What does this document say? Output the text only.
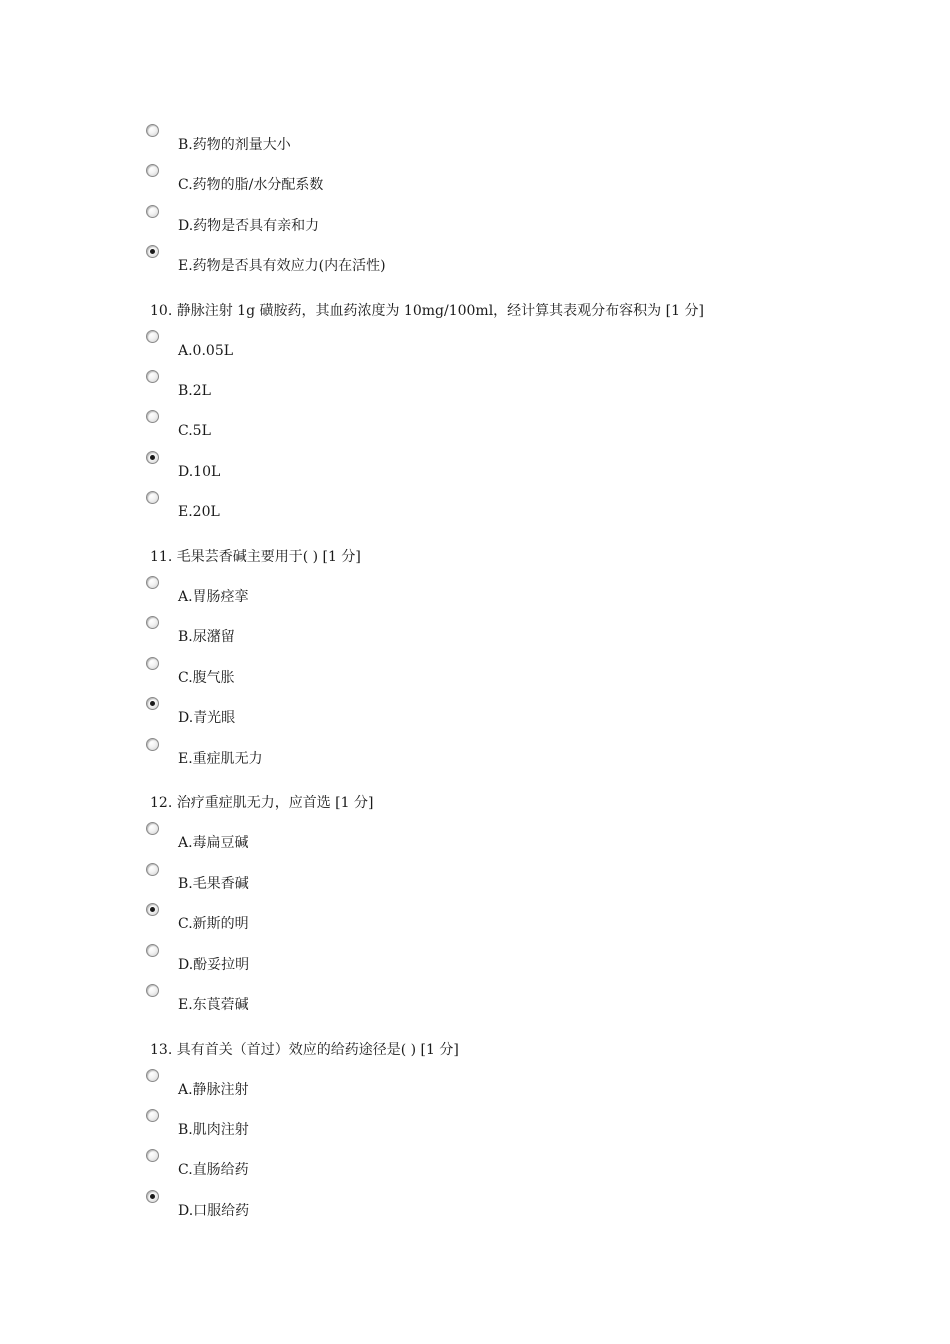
B.药物的剂量大小
C.药物的脂/水分配系数
D.药物是否具有亲和力
E.药物是否具有效应力(内在活性)
10. 静脉注射 1g 磺胺药，其血药浓度为 10mg/100ml，经计算其表观分布容积为 [1 分]
A.0.05L
B.2L
C.5L
D.10L
E.20L
11. 毛果芸香碱主要用于( ) [1 分]
A.胃肠痉挛
B.尿潴留
C.腹气胀
D.青光眼
E.重症肌无力
12. 治疗重症肌无力，应首选 [1 分]
A.毒扁豆碱
B.毛果香碱
C.新斯的明
D.酚妥拉明
E.东莨菪碱
13. 具有首关（首过）效应的给药途径是( ) [1 分]
A.静脉注射
B.肌肉注射
C.直肠给药
D.口服给药
